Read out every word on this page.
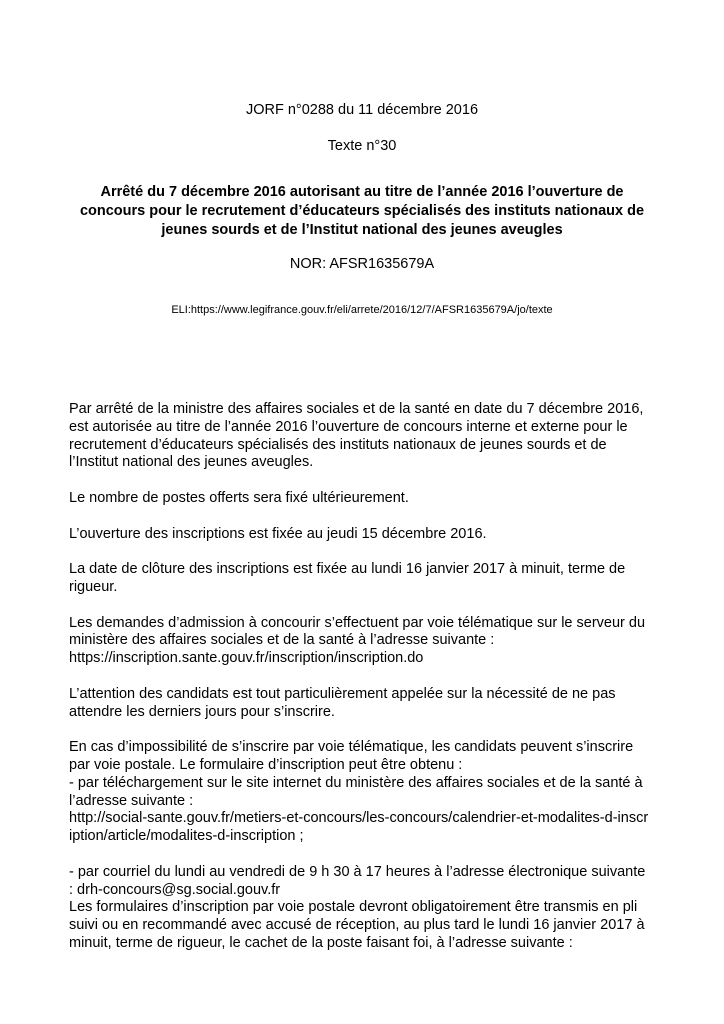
JORF n°0288 du 11 décembre 2016
Texte n°30
Arrêté du 7 décembre 2016 autorisant au titre de l’année 2016 l’ouverture de
concours pour le recrutement d’éducateurs spécialisés des instituts nationaux de
jeunes sourds et de l’Institut national des jeunes aveugles
NOR: AFSR1635679A
ELI:https://www.legifrance.gouv.fr/eli/arrete/2016/12/7/AFSR1635679A/jo/texte

Par arrêté de la ministre des affaires sociales et de la santé en date du 7 décembre 2016,
est autorisée au titre de l’année 2016 l’ouverture de concours interne et externe pour le
recrutement d’éducateurs spécialisés des instituts nationaux de jeunes sourds et de
l’Institut national des jeunes aveugles.

Le nombre de postes offerts sera fixé ultérieurement.

L’ouverture des inscriptions est fixée au jeudi 15 décembre 2016.

La date de clôture des inscriptions est fixée au lundi 16 janvier 2017 à minuit, terme de
rigueur.

Les demandes d’admission à concourir s’effectuent par voie télématique sur le serveur du
ministère des affaires sociales et de la santé à l’adresse suivante :
https://inscription.sante.gouv.fr/inscription/inscription.do

L’attention des candidats est tout particulièrement appelée sur la nécessité de ne pas
attendre les derniers jours pour s’inscrire.

En cas d’impossibilité de s’inscrire par voie télématique, les candidats peuvent s’inscrire
par voie postale. Le formulaire d’inscription peut être obtenu :
- par téléchargement sur le site internet du ministère des affaires sociales et de la santé à
l’adresse suivante :
http://social-sante.gouv.fr/metiers-et-concours/les-concours/calendrier-et-modalites-d-inscr
iption/article/modalites-d-inscription ;

- par courriel du lundi au vendredi de 9 h 30 à 17 heures à l’adresse électronique suivante
: drh-concours@sg.social.gouv.fr
Les formulaires d’inscription par voie postale devront obligatoirement être transmis en pli
suivi ou en recommandé avec accusé de réception, au plus tard le lundi 16 janvier 2017 à
minuit, terme de rigueur, le cachet de la poste faisant foi, à l’adresse suivante :
